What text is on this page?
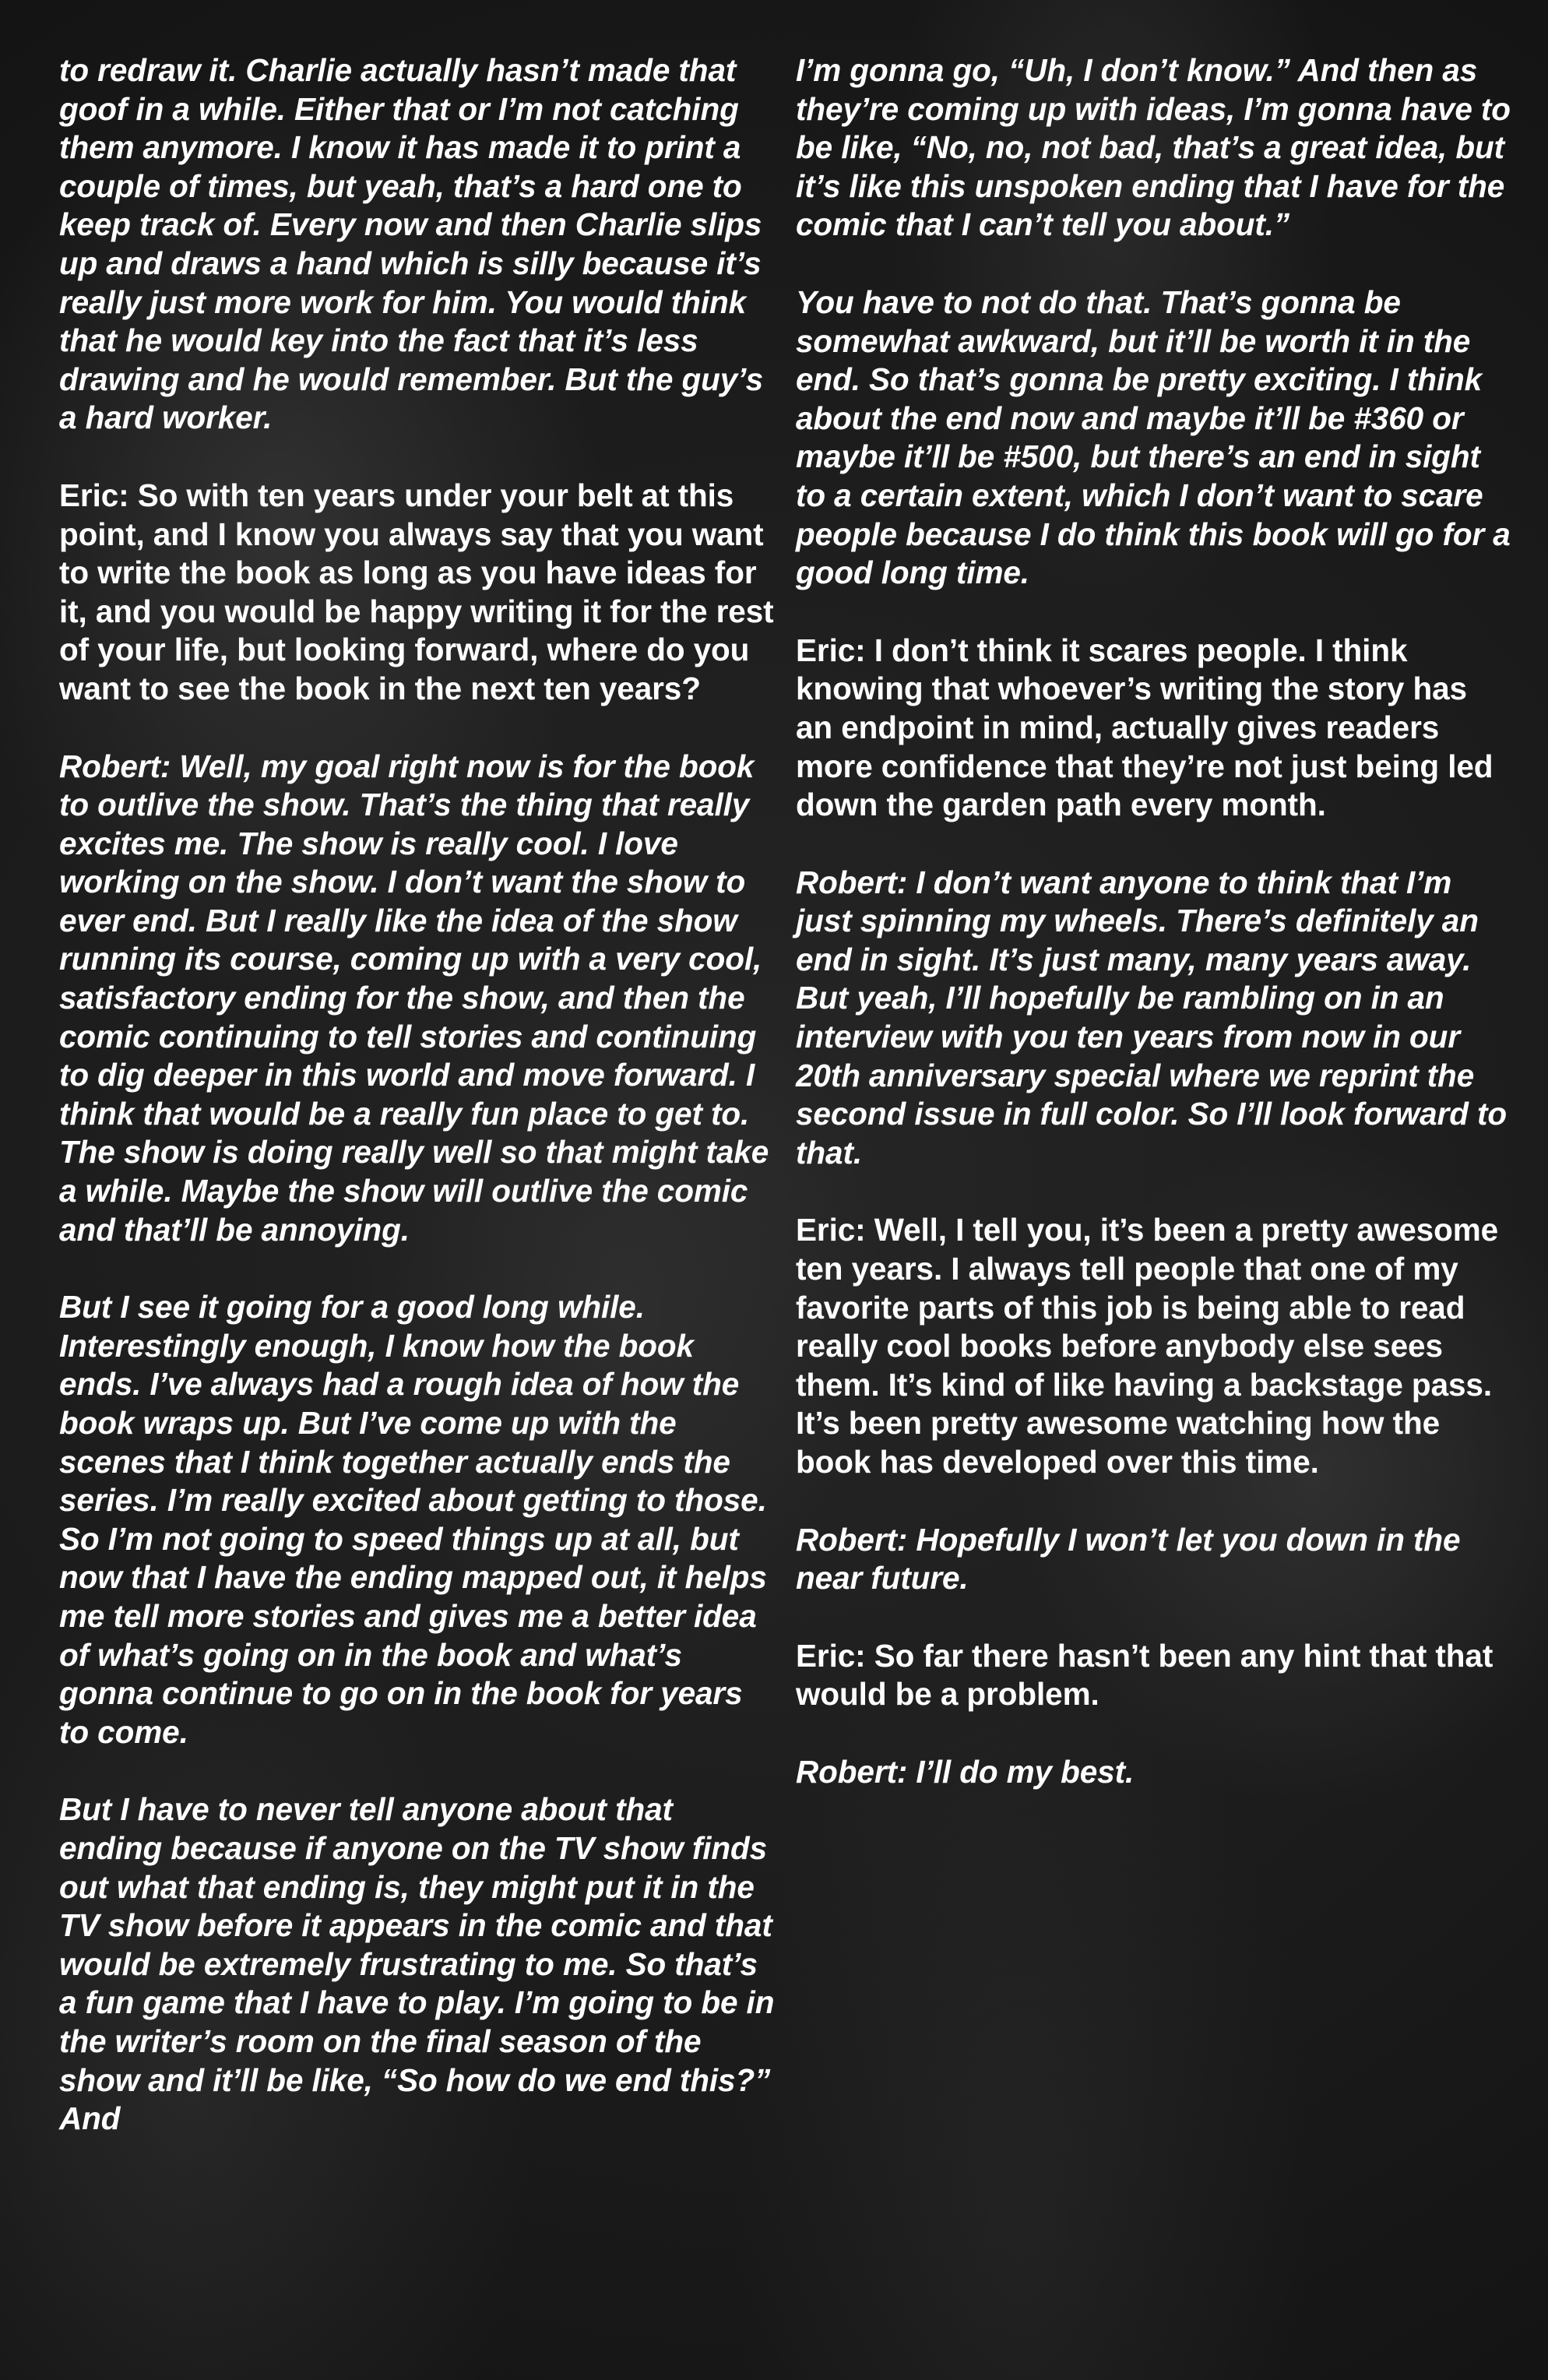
to redraw it. Charlie actually hasn’t made that goof in a while. Either that or I’m not catching them anymore. I know it has made it to print a couple of times, but yeah, that’s a hard one to keep track of. Every now and then Charlie slips up and draws a hand which is silly because it’s really just more work for him. You would think that he would key into the fact that it’s less drawing and he would remember. But the guy’s a hard worker.

Eric: So with ten years under your belt at this point, and I know you always say that you want to write the book as long as you have ideas for it, and you would be happy writing it for the rest of your life, but looking forward, where do you want to see the book in the next ten years?

Robert: Well, my goal right now is for the book to outlive the show. That’s the thing that really excites me. The show is really cool. I love working on the show. I don’t want the show to ever end. But I really like the idea of the show running its course, coming up with a very cool, satisfactory ending for the show, and then the comic continuing to tell stories and continuing to dig deeper in this world and move forward. I think that would be a really fun place to get to. The show is doing really well so that might take a while. Maybe the show will outlive the comic and that’ll be annoying.

But I see it going for a good long while. Interestingly enough, I know how the book ends. I’ve always had a rough idea of how the book wraps up. But I’ve come up with the scenes that I think together actually ends the series. I’m really excited about getting to those. So I’m not going to speed things up at all, but now that I have the ending mapped out, it helps me tell more stories and gives me a better idea of what’s going on in the book and what’s gonna continue to go on in the book for years to come.

But I have to never tell anyone about that ending because if anyone on the TV show finds out what that ending is, they might put it in the TV show before it appears in the comic and that would be extremely frustrating to me. So that’s a fun game that I have to play. I’m going to be in the writer’s room on the final season of the show and it’ll be like, “So how do we end this?” And

I’m gonna go, “Uh, I don’t know.” And then as they’re coming up with ideas, I’m gonna have to be like, “No, no, not bad, that’s a great idea, but it’s like this unspoken ending that I have for the comic that I can’t tell you about.”

You have to not do that. That’s gonna be somewhat awkward, but it’ll be worth it in the end. So that’s gonna be pretty exciting. I think about the end now and maybe it’ll be #360 or maybe it’ll be #500, but there’s an end in sight to a certain extent, which I don’t want to scare people because I do think this book will go for a good long time.

Eric: I don’t think it scares people. I think knowing that whoever’s writing the story has an endpoint in mind, actually gives readers more confidence that they’re not just being led down the garden path every month.

Robert: I don’t want anyone to think that I’m just spinning my wheels. There’s definitely an end in sight. It’s just many, many years away. But yeah, I’ll hopefully be rambling on in an interview with you ten years from now in our 20th anniversary special where we reprint the second issue in full color. So I’ll look forward to that.

Eric: Well, I tell you, it’s been a pretty awesome ten years. I always tell people that one of my favorite parts of this job is being able to read really cool books before anybody else sees them. It’s kind of like having a backstage pass. It’s been pretty awesome watching how the book has developed over this time.

Robert: Hopefully I won’t let you down in the near future.

Eric: So far there hasn’t been any hint that that would be a problem.

Robert: I’ll do my best.
